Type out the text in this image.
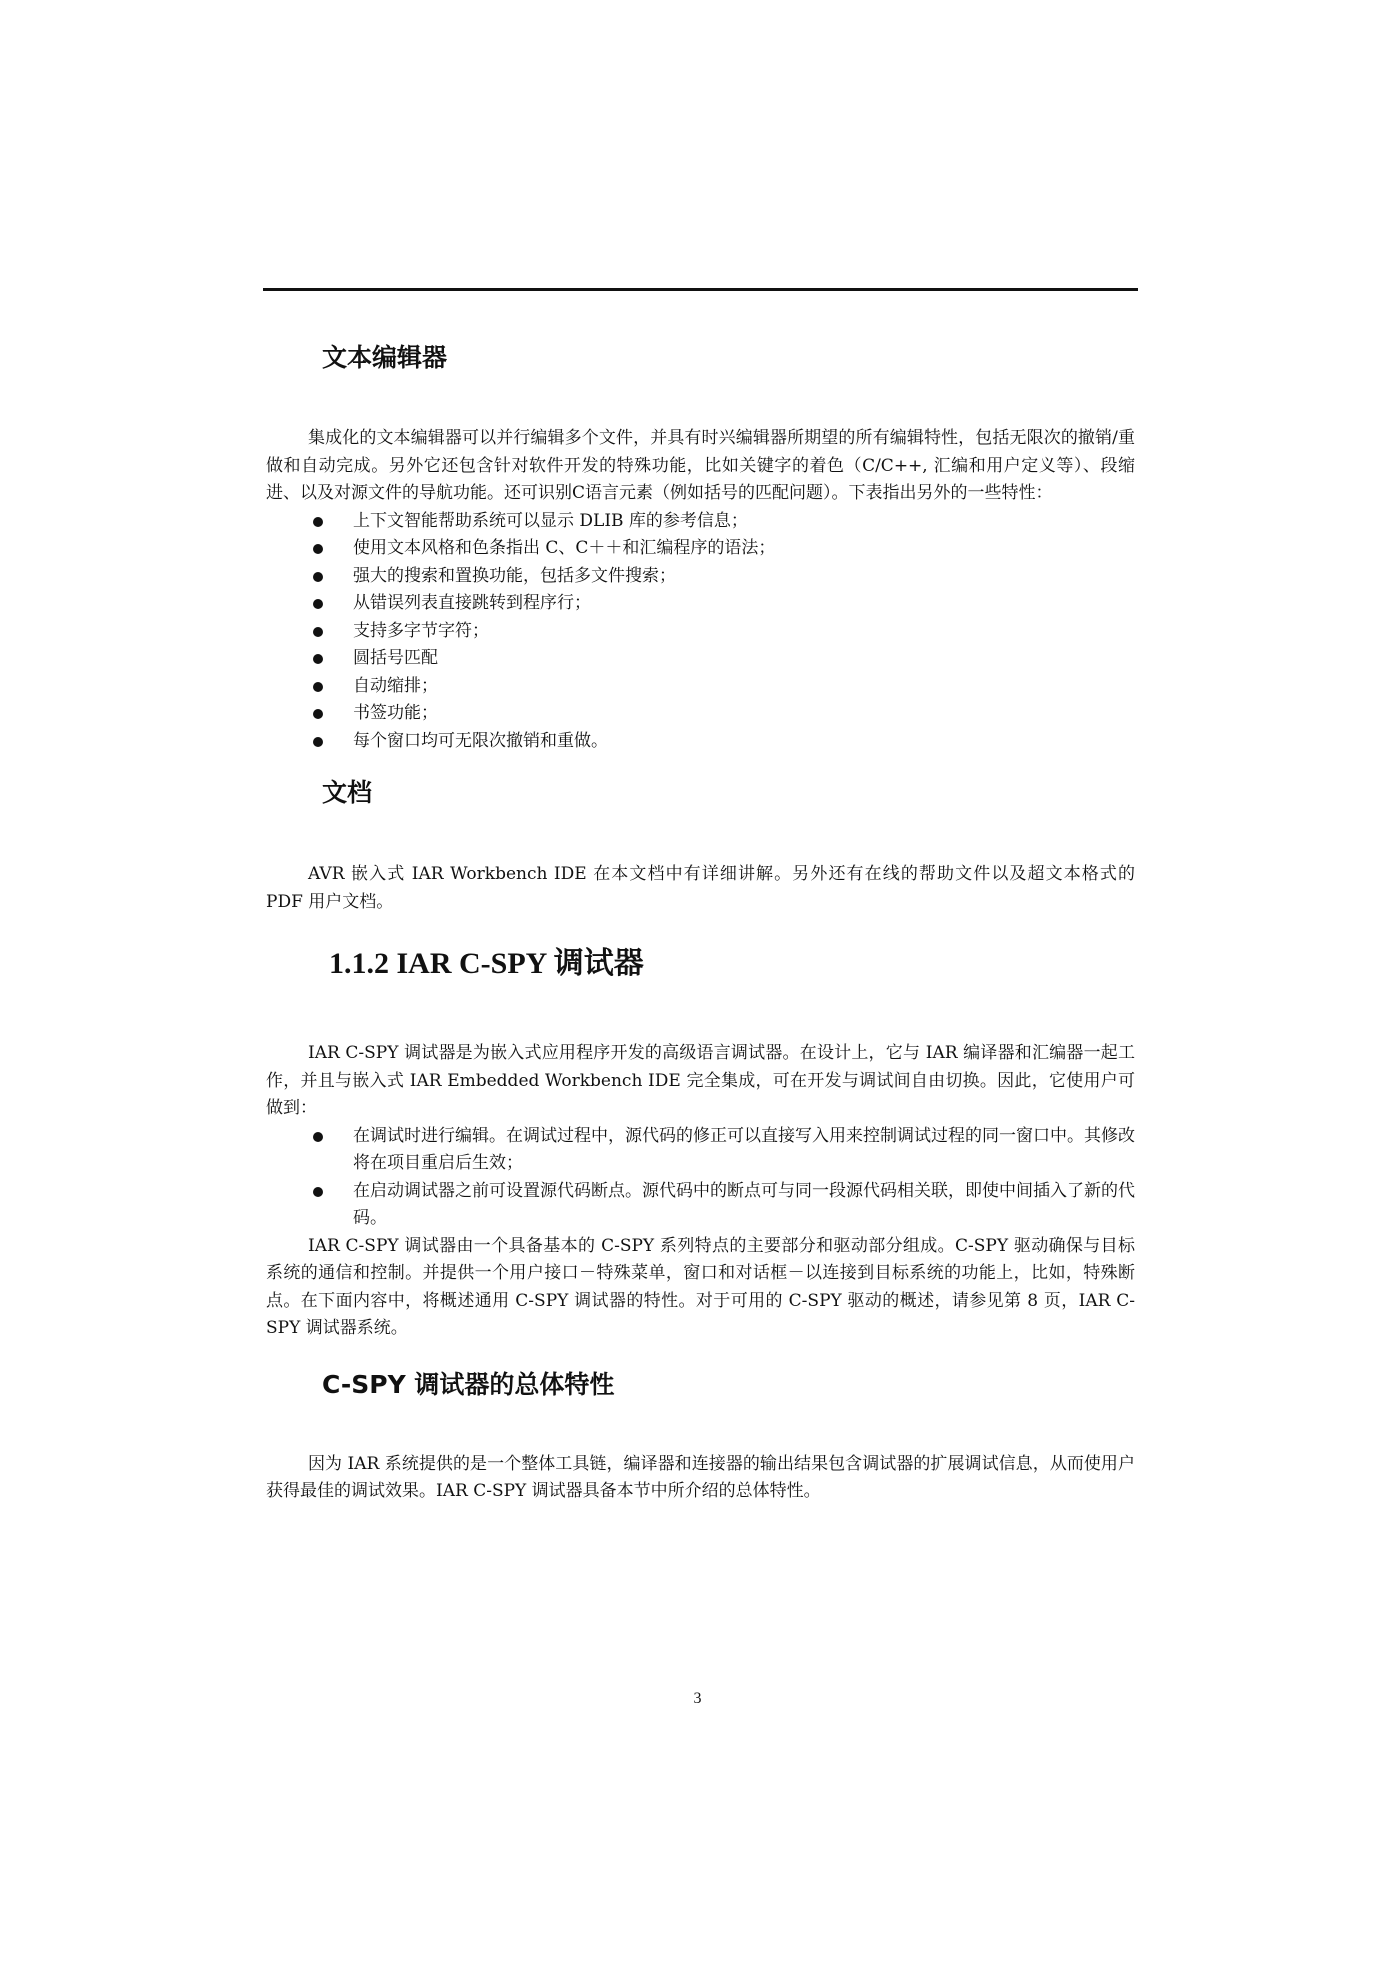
文本编辑器

集成化的文本编辑器可以并行编辑多个文件，并具有时兴编辑器所期望的所有编辑特性，包括无限次的撤销/重做和自动完成。另外它还包含针对软件开发的特殊功能，比如关键字的着色（C/C++, 汇编和用户定义等）、段缩进、以及对源文件的导航功能。还可识别C语言元素（例如括号的匹配问题）。下表指出另外的一些特性：

上下文智能帮助系统可以显示 DLIB 库的参考信息；
使用文本风格和色条指出 C、C＋＋和汇编程序的语法；
强大的搜索和置换功能，包括多文件搜索；
从错误列表直接跳转到程序行；
支持多字节字符；
圆括号匹配
自动缩排；
书签功能；
每个窗口均可无限次撤销和重做。
文档

AVR 嵌入式 IAR Workbench IDE 在本文档中有详细讲解。另外还有在线的帮助文件以及超文本格式的 PDF 用户文档。

1.1.2 IAR C-SPY 调试器

IAR C-SPY 调试器是为嵌入式应用程序开发的高级语言调试器。在设计上，它与 IAR 编译器和汇编器一起工作，并且与嵌入式 IAR Embedded Workbench IDE 完全集成，可在开发与调试间自由切换。因此，它使用户可做到：

在调试时进行编辑。在调试过程中，源代码的修正可以直接写入用来控制调试过程的同一窗口中。其修改将在项目重启后生效；
在启动调试器之前可设置源代码断点。源代码中的断点可与同一段源代码相关联，即使中间插入了新的代码。

IAR C-SPY 调试器由一个具备基本的 C-SPY 系列特点的主要部分和驱动部分组成。C-SPY 驱动确保与目标系统的通信和控制。并提供一个用户接口－特殊菜单，窗口和对话框－以连接到目标系统的功能上，比如，特殊断点。在下面内容中，将概述通用 C-SPY 调试器的特性。对于可用的 C-SPY 驱动的概述，请参见第 8 页，IAR C-SPY 调试器系统。

C-SPY 调试器的总体特性

因为 IAR 系统提供的是一个整体工具链，编译器和连接器的输出结果包含调试器的扩展调试信息，从而使用户获得最佳的调试效果。IAR C-SPY 调试器具备本节中所介绍的总体特性。

3
